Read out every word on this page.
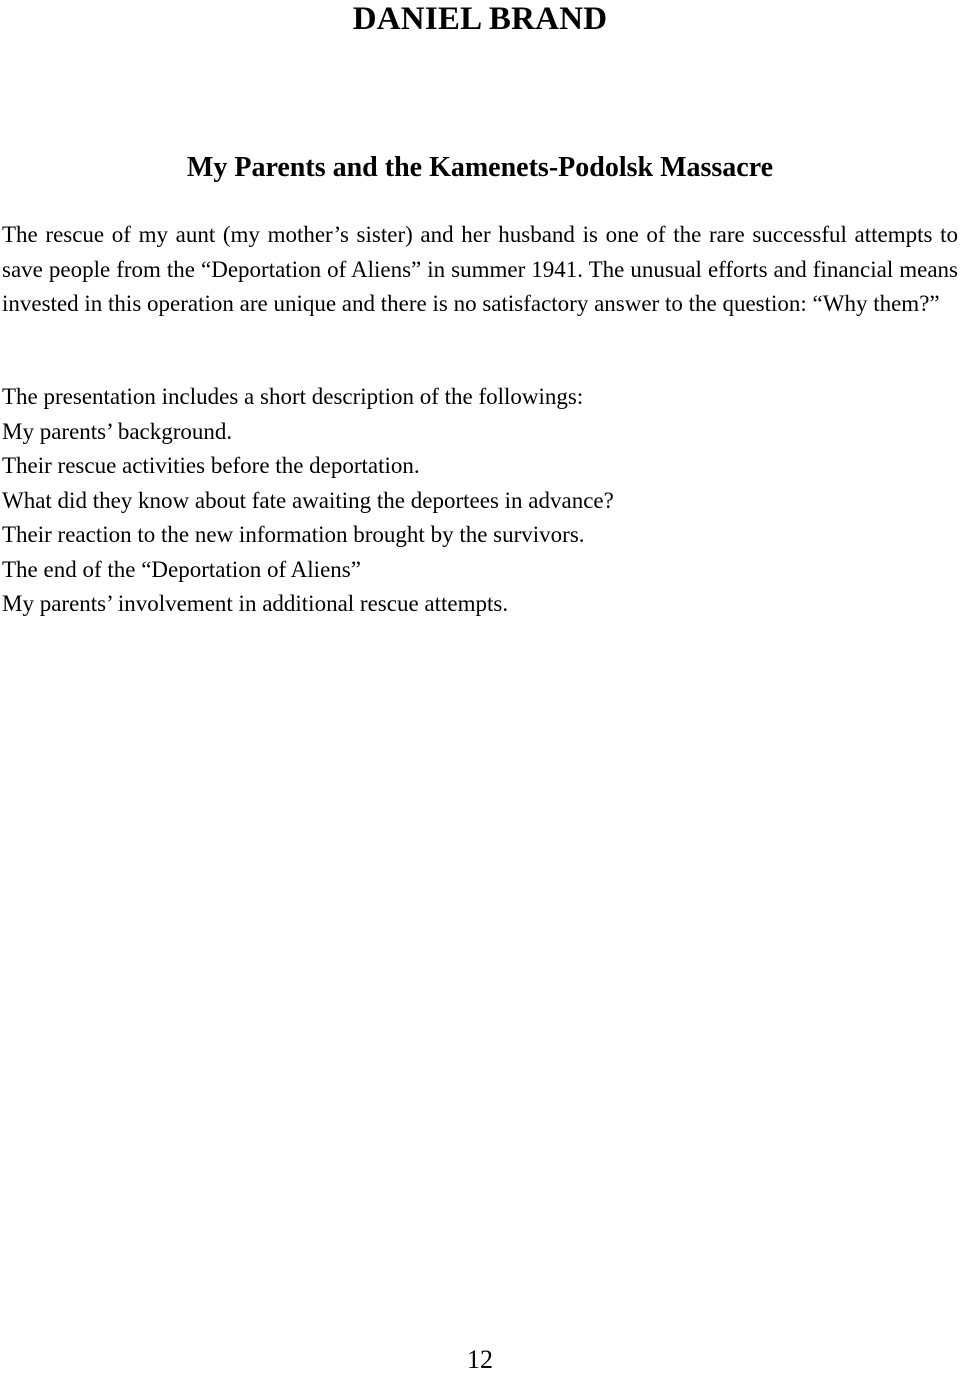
DANIEL BRAND
My Parents and the Kamenets-Podolsk Massacre

The rescue of my aunt (my mother’s sister) and her husband is one of the rare successful attempts to save people from the “Deportation of Aliens” in summer 1941. The unusual efforts and financial means invested in this operation are unique and there is no satisfactory answer to the question: “Why them?”

The presentation includes a short description of the followings:
My parents’ background.
Their rescue activities before the deportation.
What did they know about fate awaiting the deportees in advance?
Their reaction to the new information brought by the survivors.
The end of the “Deportation of Aliens”
My parents’ involvement in additional rescue attempts.
12
